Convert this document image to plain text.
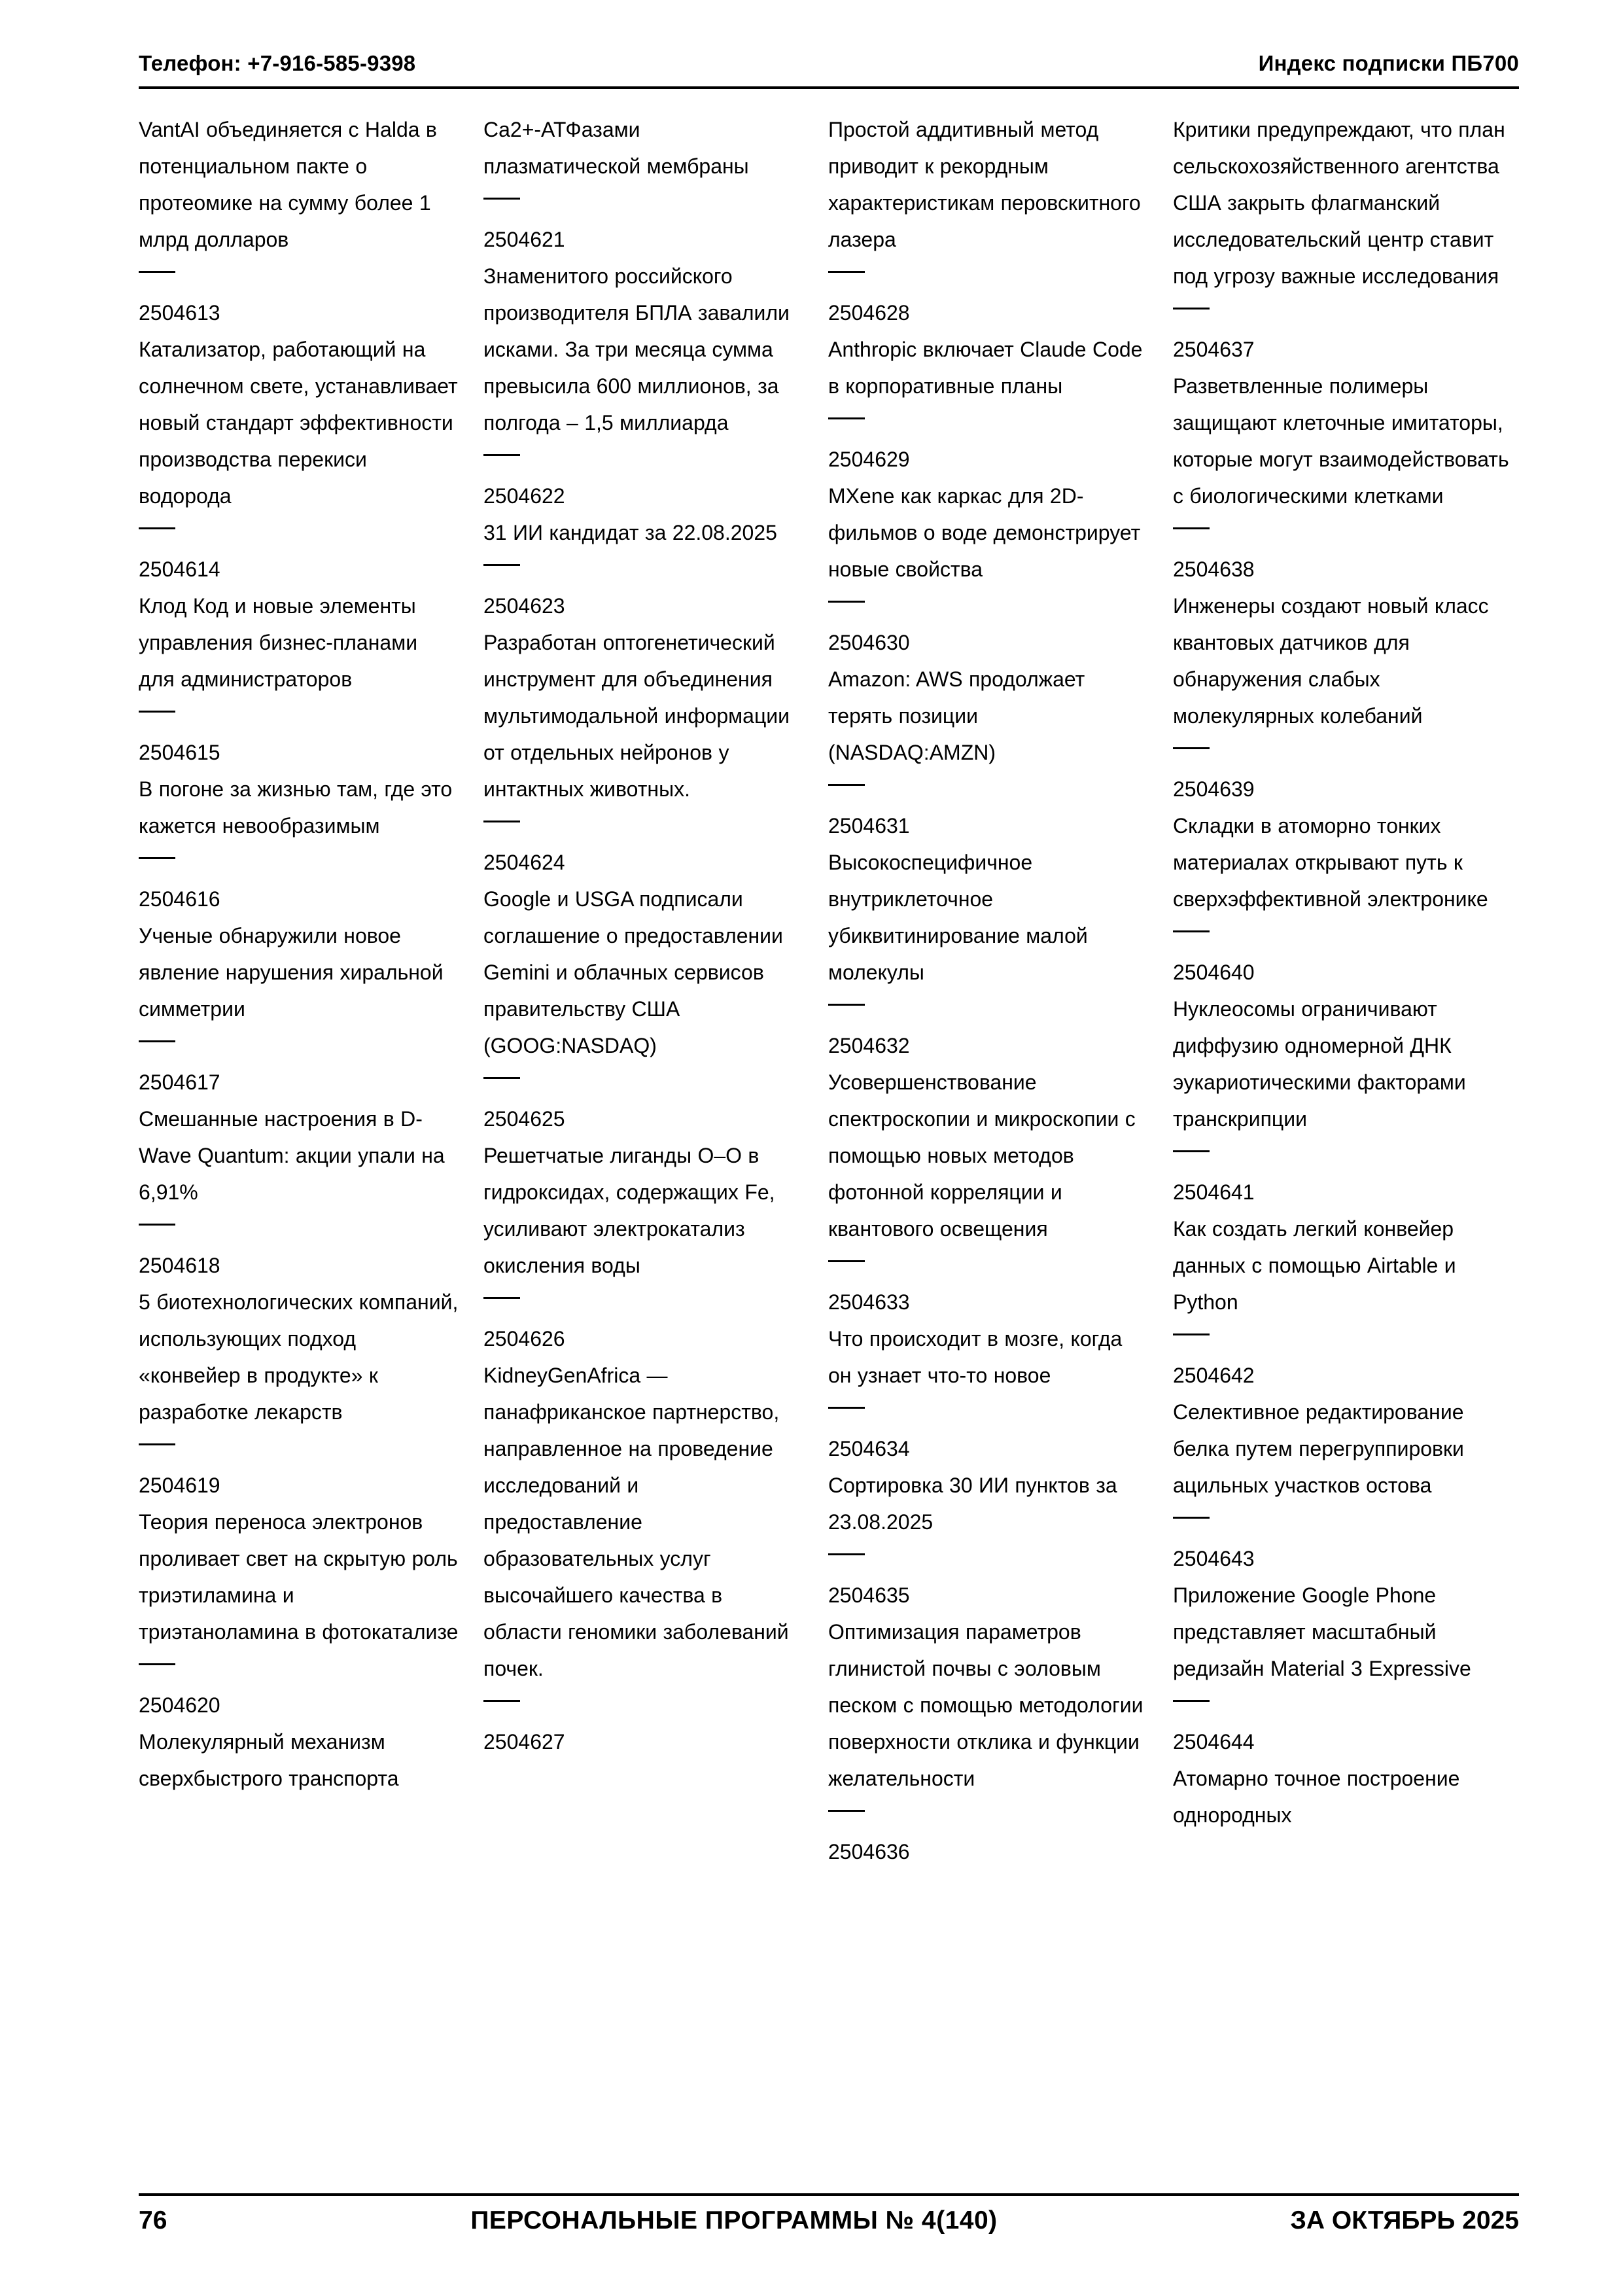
Телефон: +7-916-585-9398	Индекс подписки ПБ700
VantAI объединяется с Halda в потенциальном пакте о протеомике на сумму более 1 млрд долларов
2504613
Катализатор, работающий на солнечном свете, устанавливает новый стандарт эффективности производства перекиси водорода
2504614
Клод Код и новые элементы управления бизнес-планами для администраторов
2504615
В погоне за жизнью там, где это кажется невообразимым
2504616
Ученые обнаружили новое явление нарушения хиральной симметрии
2504617
Смешанные настроения в D-Wave Quantum: акции упали на 6,91%
2504618
5 биотехнологических компаний, использующих подход «конвейер в продукте» к разработке лекарств
2504619
Теория переноса электронов проливает свет на скрытую роль триэтиламина и триэтаноламина в фотокатализе
2504620
Молекулярный механизм сверхбыстрого транспорта
Ca2+-АТФазами плазматической мембраны
2504621
Знаменитого российского производителя БПЛА завалили исками. За три месяца сумма превысила 600 миллионов, за полгода – 1,5 миллиарда
2504622
31 ИИ кандидат за 22.08.2025
2504623
Разработан оптогенетический инструмент для объединения мультимодальной информации от отдельных нейронов у интактных животных.
2504624
Google и USGA подписали соглашение о предоставлении Gemini и облачных сервисов правительству США (GOOG:NASDAQ)
2504625
Решетчатые лиганды O–O в гидроксидах, содержащих Fe, усиливают электрокатализ окисления воды
2504626
KidneyGenAfrica — панафриканское партнерство, направленное на проведение исследований и предоставление образовательных услуг высочайшего качества в области геномики заболеваний почек.
2504627
Простой аддитивный метод приводит к рекордным характеристикам перовскитного лазера
2504628
Anthropic включает Claude Code в корпоративные планы
2504629
MXene как каркас для 2D-фильмов о воде демонстрирует новые свойства
2504630
Amazon: AWS продолжает терять позиции (NASDAQ:AMZN)
2504631
Высокоспецифичное внутриклеточное убиквитинирование малой молекулы
2504632
Усовершенствование спектроскопии и микроскопии с помощью новых методов фотонной корреляции и квантового освещения
2504633
Что происходит в мозге, когда он узнает что-то новое
2504634
Сортировка 30 ИИ пунктов за 23.08.2025
2504635
Оптимизация параметров глинистой почвы с эоловым песком с помощью методологии поверхности отклика и функции желательности
2504636
Критики предупреждают, что план сельскохозяйственного агентства США закрыть флагманский исследовательский центр ставит под угрозу важные исследования
2504637
Разветвленные полимеры защищают клеточные имитаторы, которые могут взаимодействовать с биологическими клетками
2504638
Инженеры создают новый класс квантовых датчиков для обнаружения слабых молекулярных колебаний
2504639
Складки в атоморно тонких материалах открывают путь к сверхэффективной электронике
2504640
Нуклеосомы ограничивают диффузию одномерной ДНК эукариотическими факторами транскрипции
2504641
Как создать легкий конвейер данных с помощью Airtable и Python
2504642
Селективное редактирование белка путем перегруппировки ацильных участков остова
2504643
Приложение Google Phone представляет масштабный редизайн Material 3 Expressive
2504644
Атомарно точное построение однородных
76	ПЕРСОНАЛЬНЫЕ ПРОГРАММЫ № 4(140)	ЗА ОКТЯБРЬ 2025
